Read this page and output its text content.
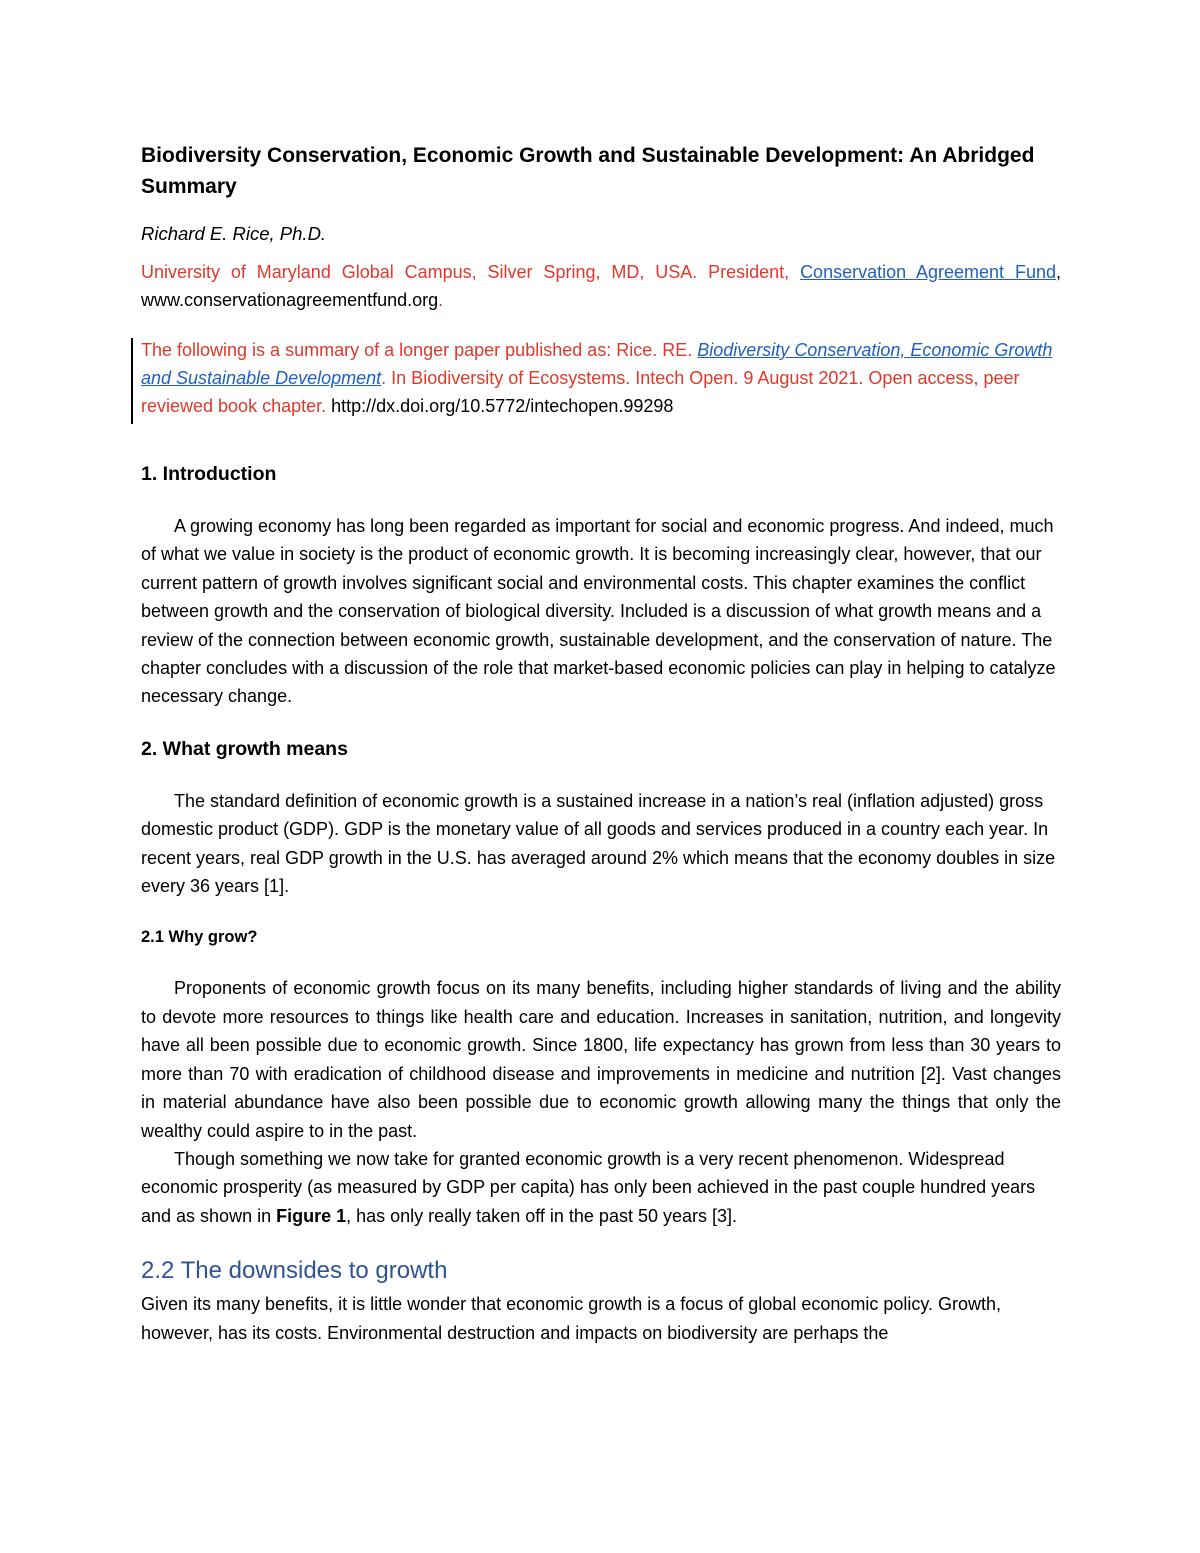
Biodiversity Conservation, Economic Growth and Sustainable Development: An Abridged Summary
Richard E. Rice, Ph.D.
University of Maryland Global Campus, Silver Spring, MD, USA. President, Conservation Agreement Fund, www.conservationagreementfund.org.

The following is a summary of a longer paper published as: Rice. RE. Biodiversity Conservation, Economic Growth and Sustainable Development. In Biodiversity of Ecosystems. Intech Open. 9 August 2021. Open access, peer reviewed book chapter. http://dx.doi.org/10.5772/intechopen.99298

1. Introduction

A growing economy has long been regarded as important for social and economic progress. And indeed, much of what we value in society is the product of economic growth. It is becoming increasingly clear, however, that our current pattern of growth involves significant social and environmental costs. This chapter examines the conflict between growth and the conservation of biological diversity. Included is a discussion of what growth means and a review of the connection between economic growth, sustainable development, and the conservation of nature. The chapter concludes with a discussion of the role that market-based economic policies can play in helping to catalyze necessary change.

2. What growth means

The standard definition of economic growth is a sustained increase in a nation’s real (inflation adjusted) gross domestic product (GDP). GDP is the monetary value of all goods and services produced in a country each year. In recent years, real GDP growth in the U.S. has averaged around 2% which means that the economy doubles in size every 36 years [1].

2.1 Why grow?

Proponents of economic growth focus on its many benefits, including higher standards of living and the ability to devote more resources to things like health care and education. Increases in sanitation, nutrition, and longevity have all been possible due to economic growth. Since 1800, life expectancy has grown from less than 30 years to more than 70 with eradication of childhood disease and improvements in medicine and nutrition [2]. Vast changes in material abundance have also been possible due to economic growth allowing many the things that only the wealthy could aspire to in the past.

Though something we now take for granted economic growth is a very recent phenomenon. Widespread economic prosperity (as measured by GDP per capita) has only been achieved in the past couple hundred years and as shown in Figure 1, has only really taken off in the past 50 years [3].

2.2 The downsides to growth

Given its many benefits, it is little wonder that economic growth is a focus of global economic policy. Growth, however, has its costs. Environmental destruction and impacts on biodiversity are perhaps the
